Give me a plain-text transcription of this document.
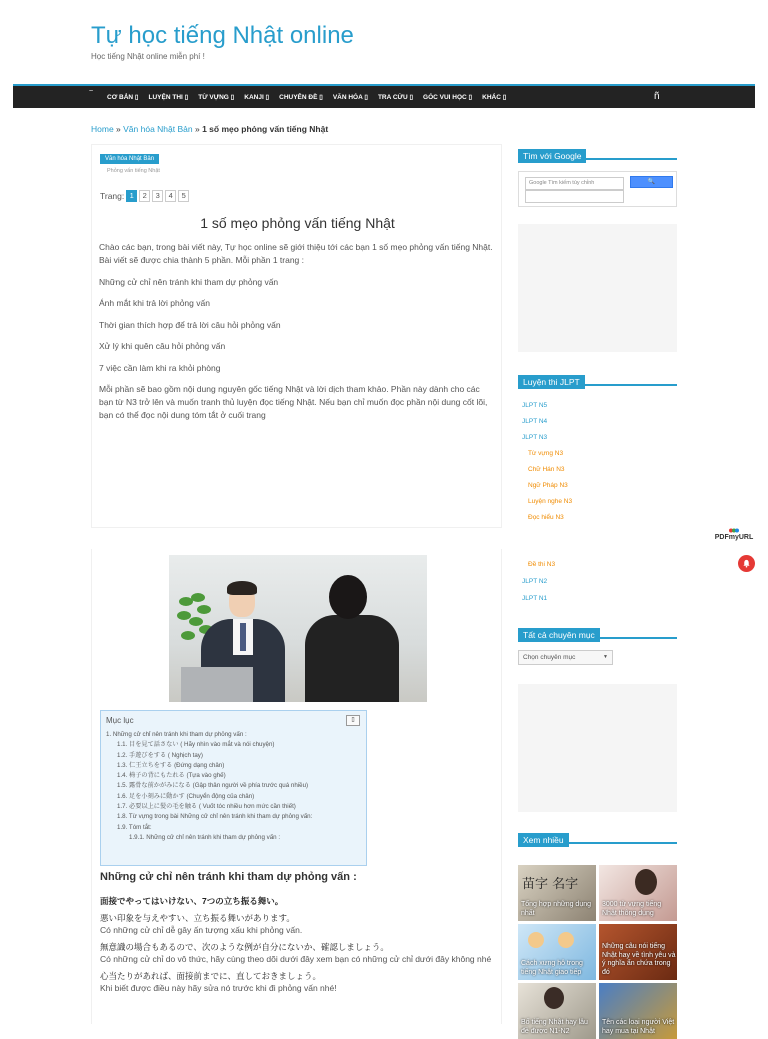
Tự học tiếng Nhật online
Học tiếng Nhật online miễn phí !
~
CƠ BẢN ▯ LUYỆN THI ▯ TỪ VỰNG ▯ KANJI ▯ CHUYÊN ĐỀ ▯ VĂN HÓA ▯ TRA CỨU ▯ GÓC VUI HỌC ▯ KHÁC ▯	ñ
Home » Văn hóa Nhật Bản » 1 số mẹo phỏng vấn tiếng Nhật
Văn hóa Nhật Bản
Phỏng vấn tiếng Nhật
Trang: 1	2	3	4	5
1 số mẹo phỏng vấn tiếng Nhật

Chào các bạn, trong bài viết này, Tự học online sẽ giới thiệu tới các bạn 1 số mẹo phỏng vấn tiếng Nhật. Bài viết sẽ được chia thành 5 phần. Mỗi phần 1 trang :

Những cử chỉ nên tránh khi tham dự phỏng vấn

Ánh mắt khi trả lời phỏng vấn

Thời gian thích hợp để trả lời câu hỏi phỏng vấn

Xử lý khi quên câu hỏi phỏng vấn

7 việc cần làm khi ra khỏi phòng

Mỗi phần sẽ bao gồm nội dung nguyên gốc tiếng Nhật và lời dịch tham khảo. Phần này dành cho các bạn từ N3 trở lên và muốn tranh thủ luyện đọc tiếng Nhật. Nếu bạn chỉ muốn đọc phần nội dung cốt lõi, bạn có thể đọc nội dung tóm tắt ở cuối trang

Mục lục	▯
1. Những cử chỉ nên tránh khi tham dự phỏng vấn :
1.1. 目を見て話さない ( Hãy nhìn vào mắt và nói chuyện)
1.2. 手遊びをする ( Nghịch tay)
1.3. 仁王立ちをする (Đứng dạng chân)
1.4. 椅子の背にもたれる (Tựa vào ghế)
1.5. 露骨な前かがみになる (Gập thân người về phía trước quá nhiều)
1.6. 足を小刻みに動かす (Chuyển động của chân)
1.7. 必要以上に髪の毛を触る ( Vuốt tóc nhiều hơn mức cần thiết)
1.8. Từ vựng trong bài Những cử chỉ nên tránh khi tham dự phỏng vấn:
1.9. Tóm tắt:
1.9.1. Những cử chỉ nên tránh khi tham dự phỏng vấn :
Những cử chỉ nên tránh khi tham dự phỏng vấn :

面接でやってはいけない、7つの立ち振る舞い。

悪い印象を与えやすい、立ち振る舞いがあります。
Có những cử chỉ dễ gây ấn tượng xấu khi phỏng vấn.

無意識の場合もあるので、次のような例が自分にないか、確認しましょう。
Có những cử chỉ do vô thức, hãy cùng theo dõi dưới đây xem bạn có những cử chỉ dưới đây không nhé

心当たりがあれば、面接前までに、直しておきましょう。
Khi biết được điều này hãy sửa nó trước khi đi phỏng vấn nhé!

Tìm với Google
Google Tìm kiếm tùy chỉnh	🔍
Luyện thi JLPT
JLPT N5
JLPT N4
JLPT N3
Từ vựng N3
Chữ Hán N3
Ngữ Pháp N3
Luyện nghe N3
Đọc hiểu N3
Đề thi N3
JLPT N2
JLPT N1
Tất cả chuyên mục
Chọn chuyên mục	▼
Xem nhiều
苗字 名字
Tổng hợp những dụng nhất
3000 từ vựng tiếng Nhật thông dụng
Cách xưng hô trong tiếng Nhật giao tiếp
Những câu nói tiếng Nhật hay về tình yêu và ý nghĩa ẩn chứa trong đó
Bố tiếng Nhật hay lâu đề được N1-N2
Tên các loại người Việt hay mua tại Nhật
PDFmyURL
